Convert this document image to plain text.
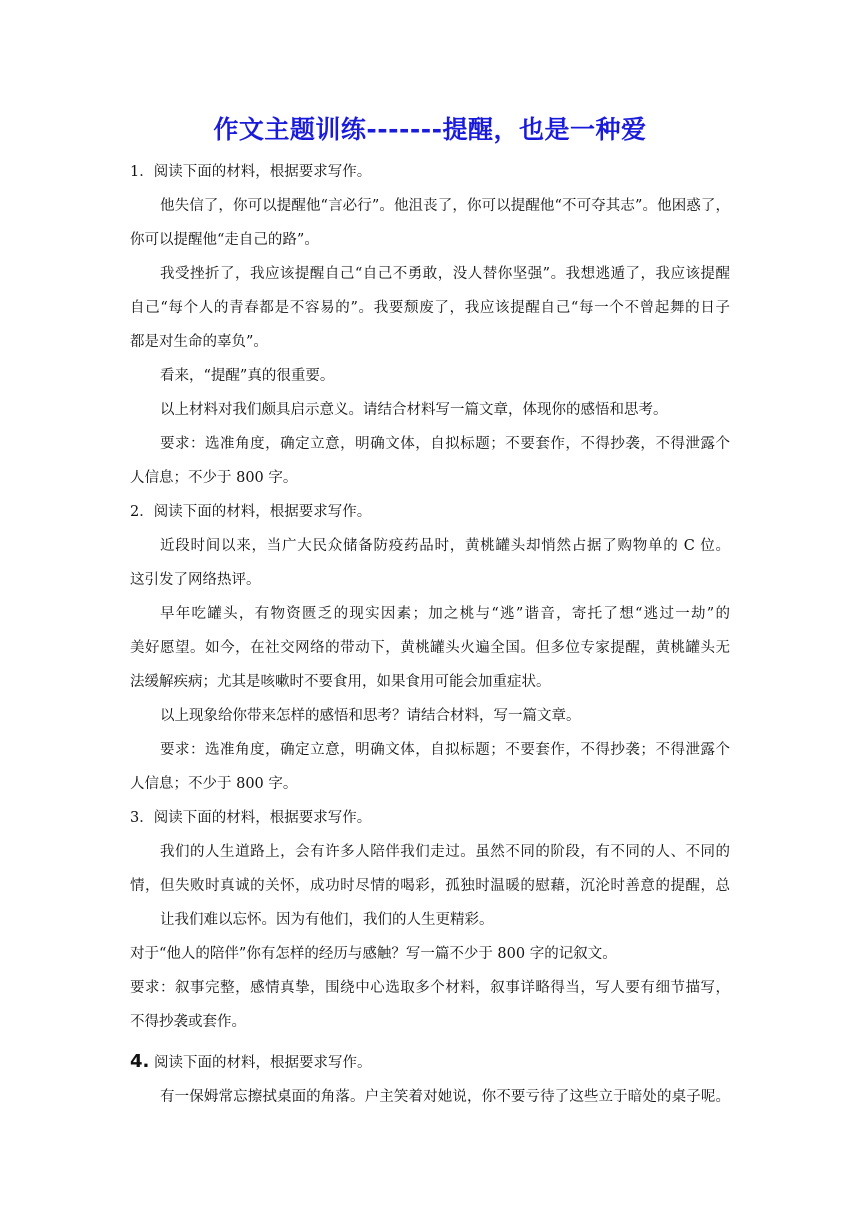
作文主题训练-------提醒，也是一种爱
1．阅读下面的材料，根据要求写作。
他失信了，你可以提醒他“言必行”。他沮丧了，你可以提醒他“不可夺其志”。他困惑了，
你可以提醒他“走自己的路”。
我受挫折了，我应该提醒自己“自己不勇敢，没人替你坚强”。我想逃遁了，我应该提醒
自己“每个人的青春都是不容易的”。我要颓废了，我应该提醒自己“每一个不曾起舞的日子
都是对生命的辜负”。
看来，“提醒”真的很重要。
以上材料对我们颇具启示意义。请结合材料写一篇文章，体现你的感悟和思考。
要求：选准角度，确定立意，明确文体，自拟标题；不要套作，不得抄袭，不得泄露个
人信息；不少于 800 字。
2．阅读下面的材料，根据要求写作。
近段时间以来，当广大民众储备防疫药品时，黄桃罐头却悄然占据了购物单的 C 位。
这引发了网络热评。
早年吃罐头，有物资匮乏的现实因素；加之桃与“逃”谐音，寄托了想“逃过一劫”的
美好愿望。如今，在社交网络的带动下，黄桃罐头火遍全国。但多位专家提醒，黄桃罐头无
法缓解疾病；尤其是咳嗽时不要食用，如果食用可能会加重症状。
以上现象给你带来怎样的感悟和思考？请结合材料，写一篇文章。
要求：选准角度，确定立意，明确文体，自拟标题；不要套作，不得抄袭；不得泄露个
人信息；不少于 800 字。
3．阅读下面的材料，根据要求写作。
我们的人生道路上，会有许多人陪伴我们走过。虽然不同的阶段，有不同的人、不同的
情，但失败时真诚的关怀，成功时尽情的喝彩，孤独时温暖的慰藉，沉沦时善意的提醒，总
让我们难以忘怀。因为有他们，我们的人生更精彩。
对于“他人的陪伴”你有怎样的经历与感触？写一篇不少于 800 字的记叙文。
要求：叙事完整，感情真挚，围绕中心选取多个材料，叙事详略得当，写人要有细节描写，
不得抄袭或套作。
4. 阅读下面的材料，根据要求写作。
有一保姆常忘擦拭桌面的角落。户主笑着对她说，你不要亏待了这些立于暗处的桌子呢。
